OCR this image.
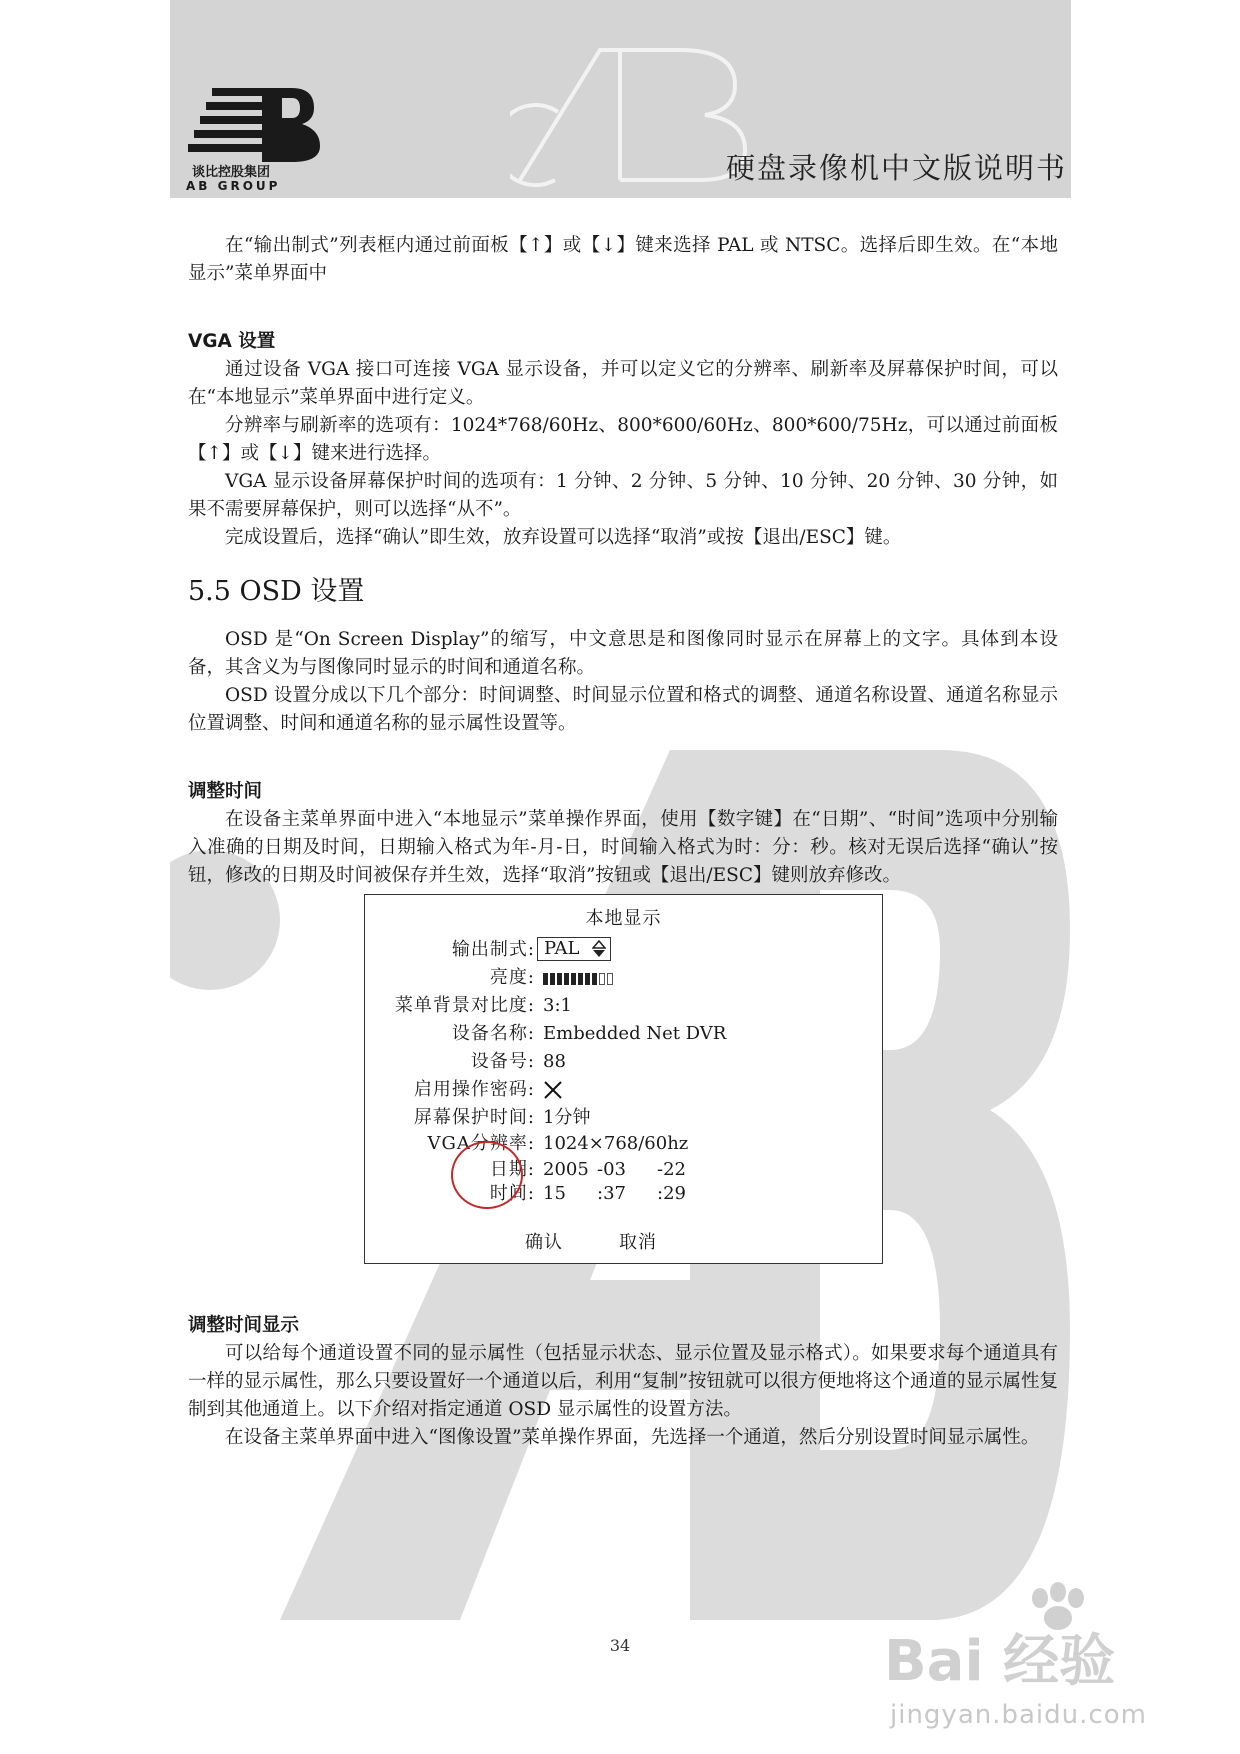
谈比控股集团
AB GROUP
硬盘录像机中文版说明书

在“输出制式”列表框内通过前面板【↑】或【↓】键来选择 PAL 或 NTSC。选择后即生效。在“本地显示”菜单界面中

VGA 设置

通过设备 VGA 接口可连接 VGA 显示设备，并可以定义它的分辨率、刷新率及屏幕保护时间，可以在“本地显示”菜单界面中进行定义。

分辨率与刷新率的选项有：1024*768/60Hz、800*600/60Hz、800*600/75Hz，可以通过前面板【↑】或【↓】键来进行选择。

VGA 显示设备屏幕保护时间的选项有：1 分钟、2 分钟、5 分钟、10 分钟、20 分钟、30 分钟，如果不需要屏幕保护，则可以选择“从不”。

完成设置后，选择“确认”即生效，放弃设置可以选择“取消”或按【退出/ESC】键。

5.5 OSD 设置

OSD 是“On Screen Display”的缩写，中文意思是和图像同时显示在屏幕上的文字。具体到本设备，其含义为与图像同时显示的时间和通道名称。

OSD 设置分成以下几个部分：时间调整、时间显示位置和格式的调整、通道名称设置、通道名称显示位置调整、时间和通道名称的显示属性设置等。

调整时间

在设备主菜单界面中进入“本地显示”菜单操作界面，使用【数字键】在“日期”、“时间”选项中分别输入准确的日期及时间，日期输入格式为年-月-日，时间输入格式为时：分：秒。核对无误后选择“确认”按钮，修改的日期及时间被保存并生效，选择“取消”按钮或【退出/ESC】键则放弃修改。

本地显示
输出制式: PAL
亮度:
菜单背景对比度: 3:1
设备名称: Embedded Net DVR
设备号: 88
启用操作密码:
屏幕保护时间: 1分钟
VGA分辨率: 1024×768/60hz
日期: 2005 -03 -22
时间: 15 :37 :29
确认	取消

调整时间显示

可以给每个通道设置不同的显示属性（包括显示状态、显示位置及显示格式）。如果要求每个通道具有一样的显示属性，那么只要设置好一个通道以后，利用“复制”按钮就可以很方便地将这个通道的显示属性复制到其他通道上。以下介绍对指定通道 OSD 显示属性的设置方法。

在设备主菜单界面中进入“图像设置”菜单操作界面，先选择一个通道，然后分别设置时间显示属性。

34	Bai 经验
jingyan.baidu.com
